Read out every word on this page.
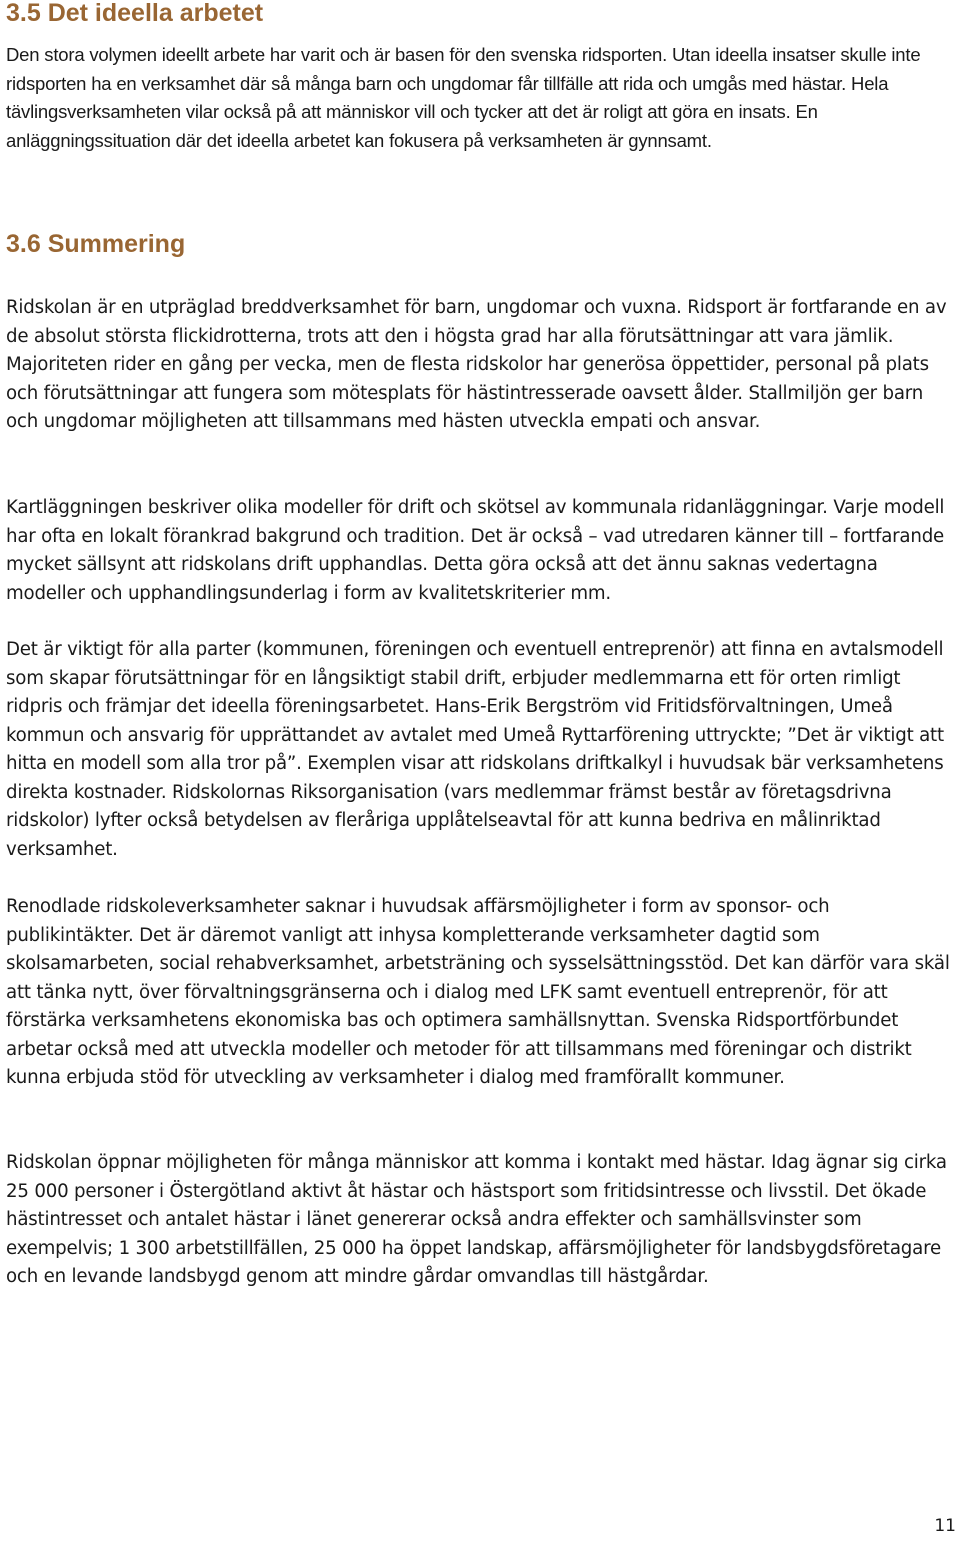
3.5 Det ideella arbetet

Den stora volymen ideellt arbete har varit och är basen för den svenska ridsporten. Utan ideella insatser skulle inte ridsporten ha en verksamhet där så många barn och ungdomar får tillfälle att rida och umgås med hästar. Hela tävlingsverksamheten vilar också på att människor vill och tycker att det är roligt att göra en insats. En anläggningssituation där det ideella arbetet kan fokusera på verksamheten är gynnsamt.

3.6 Summering

Ridskolan är en utpräglad breddverksamhet för barn, ungdomar och vuxna. Ridsport är fortfarande en av de absolut största flickidrotterna, trots att den i högsta grad har alla förutsättningar att vara jämlik. Majoriteten rider en gång per vecka, men de flesta ridskolor har generösa öppettider, personal på plats och förutsättningar att fungera som mötesplats för hästintresserade oavsett ålder. Stallmiljön ger barn och ungdomar möjligheten att tillsammans med hästen utveckla empati och ansvar.

Kartläggningen beskriver olika modeller för drift och skötsel av kommunala ridanläggningar. Varje modell har ofta en lokalt förankrad bakgrund och tradition. Det är också – vad utredaren känner till – fortfarande mycket sällsynt att ridskolans drift upphandlas. Detta göra också att det ännu saknas vedertagna modeller och upphandlingsunderlag i form av kvalitetskriterier mm.

Det är viktigt för alla parter (kommunen, föreningen och eventuell entreprenör) att finna en avtalsmodell som skapar förutsättningar för en långsiktigt stabil drift, erbjuder medlemmarna ett för orten rimligt ridpris och främjar det ideella föreningsarbetet. Hans-Erik Bergström vid Fritidsförvaltningen, Umeå kommun och ansvarig för upprättandet av avtalet med Umeå Ryttarförening uttryckte; ”Det är viktigt att hitta en modell som alla tror på”. Exemplen visar att ridskolans driftkalkyl i huvudsak bär verksamhetens direkta kostnader. Ridskolornas Riksorganisation (vars medlemmar främst består av företagsdrivna ridskolor) lyfter också betydelsen av fleråriga upplåtelseavtal för att kunna bedriva en målinriktad verksamhet.

Renodlade ridskoleverksamheter saknar i huvudsak affärsmöjligheter i form av sponsor- och publikintäkter. Det är däremot vanligt att inhysa kompletterande verksamheter dagtid som skolsamarbeten, social rehabverksamhet, arbetsträning och sysselsättningsstöd. Det kan därför vara skäl att tänka nytt, över förvaltningsgränserna och i dialog med LFK samt eventuell entreprenör, för att förstärka verksamhetens ekonomiska bas och optimera samhällsnyttan. Svenska Ridsportförbundet arbetar också med att utveckla modeller och metoder för att tillsammans med föreningar och distrikt kunna erbjuda stöd för utveckling av verksamheter i dialog med framförallt kommuner.

Ridskolan öppnar möjligheten för många människor att komma i kontakt med hästar. Idag ägnar sig cirka 25 000 personer i Östergötland aktivt åt hästar och hästsport som fritidsintresse och livsstil. Det ökade hästintresset och antalet hästar i länet genererar också andra effekter och samhällsvinster som exempelvis; 1 300 arbetstillfällen, 25 000 ha öppet landskap, affärsmöjligheter för landsbygdsföretagare och en levande landsbygd genom att mindre gårdar omvandlas till hästgårdar.

11
